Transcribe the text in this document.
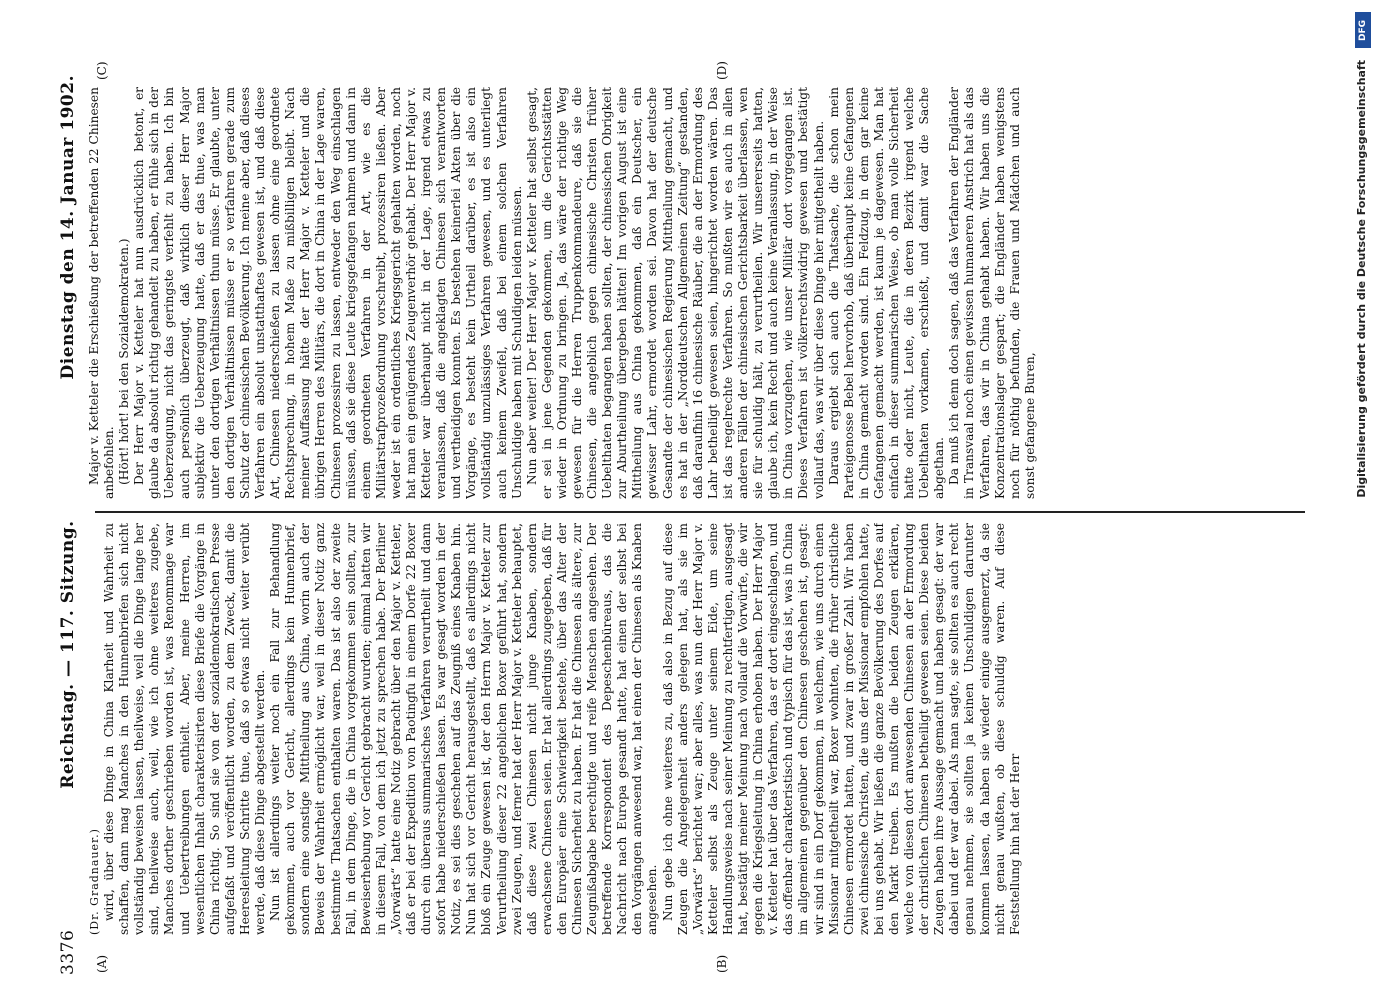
3376
Reichstag. — 117. Sitzung.
Dienstag den 14. Januar 1902.
(A)	(B)
(C)	(D)

(Dr. Gradnauer.) wird, über diese Dinge in China Klarheit und Wahrheit zu schaffen, dann mag Manches in den Hunnenbriefen sich nicht vollständig beweisen lassen, theilweise, weil die Dinge lange her sind, theilweise auch, weil, wie ich ohne weiteres zugebe, Manches dorther geschrieben worden ist, was Renommage war und Uebertreibungen enthielt. Aber, meine Herren, im wesentlichen Inhalt charakterisirten diese Briefe die Vorgänge in China richtig. So sind sie von der sozialdemokratischen Presse aufgefaßt und veröffentlicht worden, zu dem Zweck, damit die Heeresleitung Schritte thue, daß so etwas nicht weiter verübt werde, daß diese Dinge abgestellt werden. Nun ist allerdings weiter noch ein Fall zur Behandlung gekommen, auch vor Gericht, allerdings kein Hunnenbrief, sondern eine sonstige Mittheilung aus China, worin auch der Beweis der Wahrheit ermöglicht war, weil in dieser Notiz ganz bestimmte Thatsachen enthalten waren. Das ist also der zweite Fall, in dem Dinge, die in China vorgekommen sein sollten, zur Beweiserhebung vor Gericht gebracht wurden; einmal hatten wir in diesem Fall, von dem ich jetzt zu sprechen habe. Der Berliner „Vorwärts“ hatte eine Notiz gebracht über den Major v. Ketteler, daß er bei der Expedition von Paotingfu in einem Dorfe 22 Boxer durch ein überaus summarisches Verfahren verurtheilt und dann sofort habe niederschießen lassen. Es war gesagt worden in der Notiz, es sei dies geschehen auf das Zeugniß eines Knaben hin. Nun hat sich vor Gericht herausgestellt, daß es allerdings nicht bloß ein Zeuge gewesen ist, der den Herrn Major v. Ketteler zur Verurtheilung dieser 22 angeblichen Boxer geführt hat, sondern zwei Zeugen, und ferner hat der Herr Major v. Ketteler behauptet, daß diese zwei Chinesen nicht junge Knaben, sondern erwachsene Chinesen seien. Er hat allerdings zugegeben, daß für den Europäer eine Schwierigkeit bestehe, über das Alter der Chinesen Sicherheit zu haben. Er hat die Chinesen als ältere, zur Zeugnißabgabe berechtigte und reife Menschen angesehen. Der betreffende Korrespondent des Depeschenbüreaus, das die Nachricht nach Europa gesandt hatte, hat einen der selbst bei den Vorgängen anwesend war, hat einen der Chinesen als Knaben angesehen. Nun gebe ich ohne weiteres zu, daß also in Bezug auf diese Zeugen die Angelegenheit anders gelegen hat, als sie im „Vorwärts“ berichtet war; aber alles, was nun der Herr Major v. Ketteler selbst als Zeuge unter seinem Eide, um seine Handlungsweise nach seiner Meinung zu rechtfertigen, ausgesagt hat, bestätigt meiner Meinung nach vollauf die Vorwürfe, die wir gegen die Kriegsleitung in China erhoben haben. Der Herr Major v. Ketteler hat über das Verfahren, das er dort eingeschlagen, und das offenbar charakteristisch und typisch für das ist, was in China im allgemeinen gegenüber den Chinesen geschehen ist, gesagt: wir sind in ein Dorf gekommen, in welchem, wie uns durch einen Missionar mitgetheilt war, Boxer wohnten, die früher christliche Chinesen ermordet hatten, und zwar in großer Zahl. Wir haben zwei chinesische Christen, die uns der Missionar empfohlen hatte, bei uns gehabt. Wir ließen die ganze Bevölkerung des Dorfes auf den Markt treiben. Es mußten die beiden Zeugen erklären, welche von diesen dort anwesenden Chinesen an der Ermordung der christlichen Chinesen betheiligt gewesen seien. Diese beiden Zeugen haben ihre Aussage gemacht und haben gesagt: der war dabei und der war dabei. Als man sagte, sie sollten es auch recht genau nehmen, sie sollten ja keinen Unschuldigen darunter kommen lassen, da haben sie wieder einige ausgemerzt, da sie nicht genau wußten, ob diese schuldig waren. Auf diese Feststellung hin hat der Herr

Major v. Ketteler die Erschießung der betreffenden 22 Chinesen anbefohlen. (Hört! hört! bei den Sozialdemokraten.) Der Herr Major v. Ketteler hat nun ausdrücklich betont, er glaube da absolut richtig gehandelt zu haben, er fühle sich in der Ueberzeugung, nicht das geringste verfehlt zu haben. Ich bin auch persönlich überzeugt, daß wirklich dieser Herr Major subjektiv die Ueberzeugung hatte, daß er das thue, was man unter den dortigen Verhältnissen thun müsse. Er glaubte, unter den dortigen Verhältnissen müsse er so verfahren gerade zum Schutz der chinesischen Bevölkerung. Ich meine aber, daß dieses Verfahren ein absolut unstatthaftes gewesen ist, und daß diese Art, Chinesen niederschießen zu lassen ohne eine geordnete Rechtsprechung, in hohem Maße zu mißbilligen bleibt. Nach meiner Auffassung hätte der Herr Major v. Ketteler und die übrigen Herren des Militärs, die dort in China in der Lage waren, Chinesen prozessiren zu lassen, entweder den Weg einschlagen müssen, daß sie diese Leute kriegsgefangen nahmen und dann in einem geordneten Verfahren in der Art, wie es die Militärstrafprozeßordnung vorschreibt, prozessiren ließen. Aber weder ist ein ordentliches Kriegsgericht gehalten worden, noch hat man ein genügendes Zeugenverhör gehabt. Der Herr Major v. Ketteler war überhaupt nicht in der Lage, irgend etwas zu veranlassen, daß die angeklagten Chinesen sich verantworten und vertheidigen konnten. Es bestehen keinerlei Akten über die Vorgänge, es besteht kein Urtheil darüber, es ist also ein vollständig unzulässiges Verfahren gewesen, und es unterliegt auch keinem Zweifel, daß bei einem solchen Verfahren Unschuldige haben mit Schuldigen leiden müssen. Nun aber weiter! Der Herr Major v. Ketteler hat selbst gesagt, er sei in jene Gegenden gekommen, um die Gerichtsstätten wieder in Ordnung zu bringen. Ja, das wäre der richtige Weg gewesen für die Herren Truppenkommandeure, daß sie die Chinesen, die angeblich gegen chinesische Christen früher Uebelthaten begangen haben sollten, der chinesischen Obrigkeit zur Aburtheilung übergeben hätten! Im vorigen August ist eine Mittheilung aus China gekommen, daß ein Deutscher, ein gewisser Lahr, ermordet worden sei. Davon hat der deutsche Gesandte der chinesischen Regierung Mittheilung gemacht, und es hat in der „Norddeutschen Allgemeinen Zeitung“ gestanden, daß daraufhin 16 chinesische Räuber, die an der Ermordung des Lahr betheiligt gewesen seien, hingerichtet worden wären. Das ist das regelrechte Verfahren. So mußten wir es auch in allen anderen Fällen der chinesischen Gerichtsbarkeit überlassen, wen sie für schuldig hält, zu verurtheilen. Wir unsererseits hatten, glaube ich, kein Recht und auch keine Veranlassung, in der Weise in China vorzugehen, wie unser Militär dort vorgegangen ist. Dieses Verfahren ist völkerrechtswidrig gewesen und bestätigt vollauf das, was wir über diese Dinge hier mitgetheilt haben. Daraus ergiebt sich auch die Thatsache, die schon mein Parteigenosse Bebel hervorhob, daß überhaupt keine Gefangenen in China gemacht worden sind. Ein Feldzug, in dem gar keine Gefangenen gemacht werden, ist kaum je dagewesen. Man hat einfach in dieser summarischen Weise, ob man volle Sicherheit hatte oder nicht, Leute, die in deren Bezirk irgend welche Uebelthaten vorkamen, erschießt, und damit war die Sache abgethan. Da muß ich denn doch sagen, daß das Verfahren der Engländer in Transvaal noch einen gewissen humaneren Anstrich hat als das Verfahren, das wir in China gehabt haben. Wir haben uns die Konzentrationslager gespart; die Engländer haben wenigstens noch für nöthig befunden, die Frauen und Mädchen und auch sonst gefangene Buren,

DFG
Digitalisierung gefördert durch die Deutsche Forschungsgemeinschaft
